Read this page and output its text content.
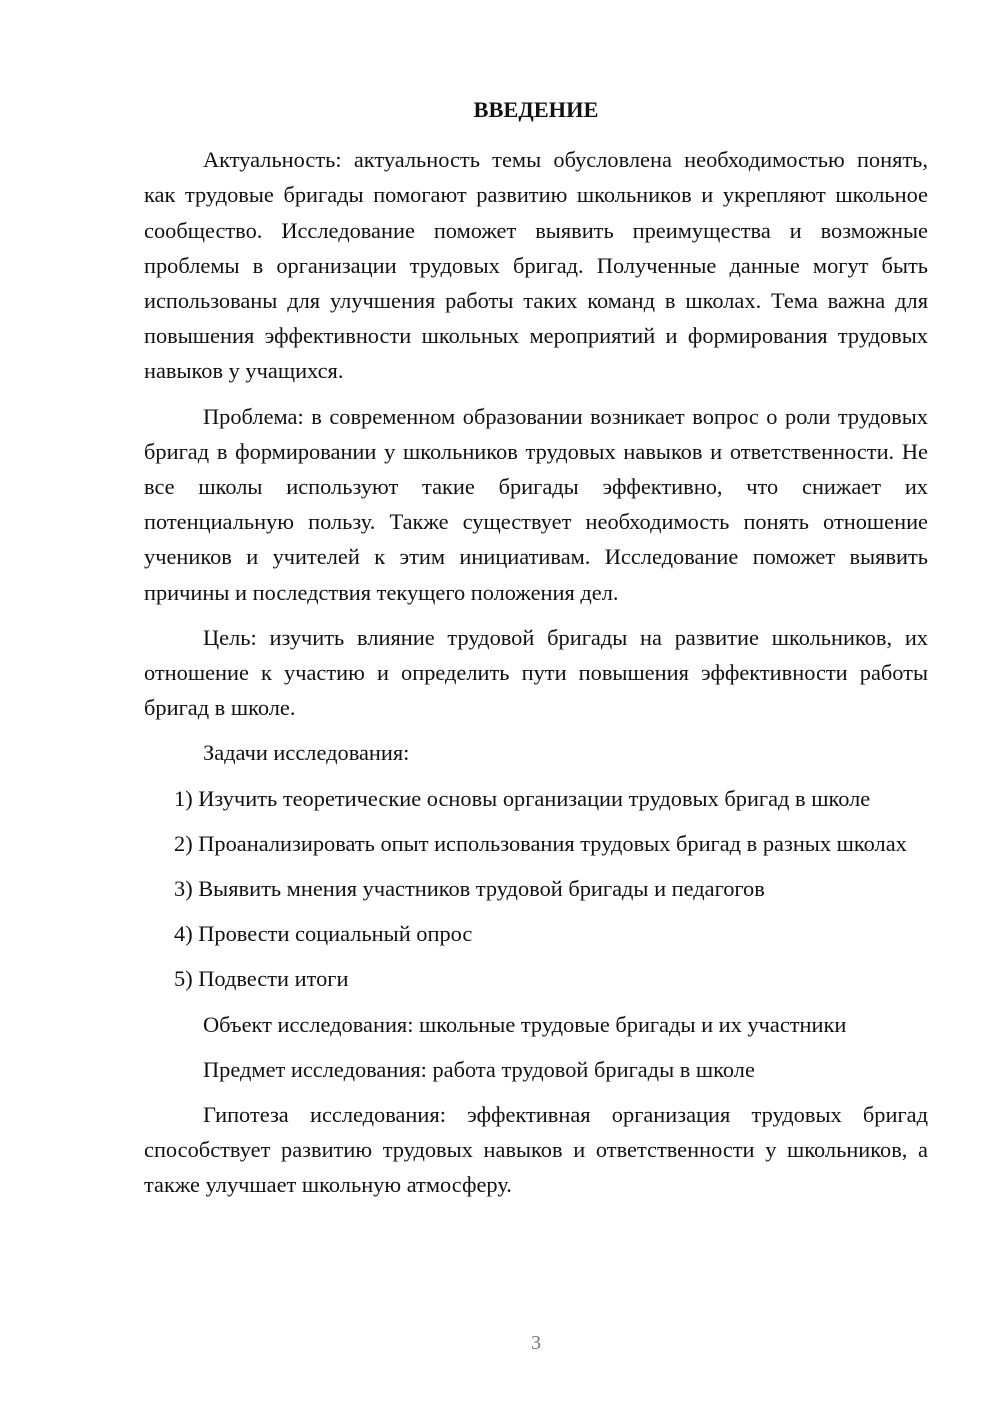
ВВЕДЕНИЕ

Актуальность: актуальность темы обусловлена необходимостью понять, как трудовые бригады помогают развитию школьников и укрепляют школьное сообщество. Исследование поможет выявить преимущества и возможные проблемы в организации трудовых бригад. Полученные данные могут быть использованы для улучшения работы таких команд в школах. Тема важна для повышения эффективности школьных мероприятий и формирования трудовых навыков у учащихся.

Проблема: в современном образовании возникает вопрос о роли трудовых бригад в формировании у школьников трудовых навыков и ответственности. Не все школы используют такие бригады эффективно, что снижает их потенциальную пользу. Также существует необходимость понять отношение учеников и учителей к этим инициативам. Исследование поможет выявить причины и последствия текущего положения дел.

Цель: изучить влияние трудовой бригады на развитие школьников, их отношение к участию и определить пути повышения эффективности работы бригад в школе.

Задачи исследования:

1) Изучить теоретические основы организации трудовых бригад в школе

2) Проанализировать опыт использования трудовых бригад в разных школах

3) Выявить мнения участников трудовой бригады и педагогов

4) Провести социальный опрос

5) Подвести итоги

Объект исследования: школьные трудовые бригады и их участники

Предмет исследования: работа трудовой бригады в школе

Гипотеза исследования: эффективная организация трудовых бригад способствует развитию трудовых навыков и ответственности у школьников, а также улучшает школьную атмосферу.

3
